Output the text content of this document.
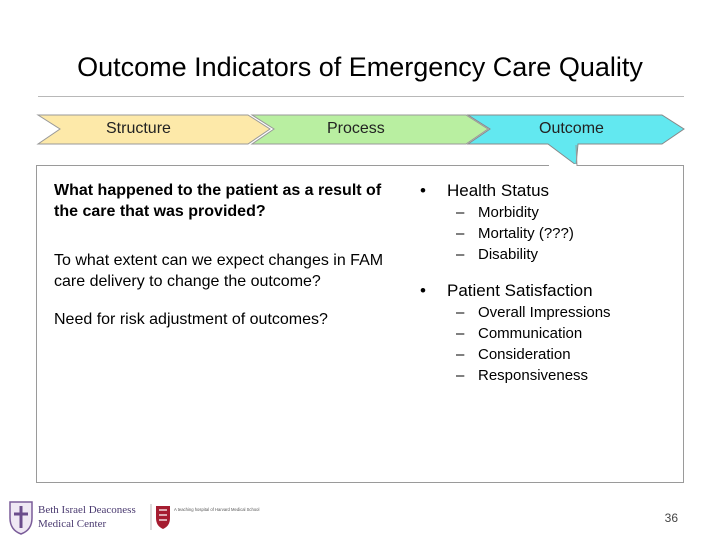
Outcome Indicators of Emergency Care Quality
Structure	Process	Outcome

What happened to the patient as a result of the care that was provided?

To what extent can we expect changes in FAM care delivery to change the outcome?

Need for risk adjustment of outcomes?

•	Health Status
– Morbidity
– Mortality (???)
– Disability
•	Patient Satisfaction
– Overall Impressions
– Communication
– Consideration
– Responsiveness
Beth Israel Deaconess
Medical Center
A teaching hospital of Harvard Medical School
36
